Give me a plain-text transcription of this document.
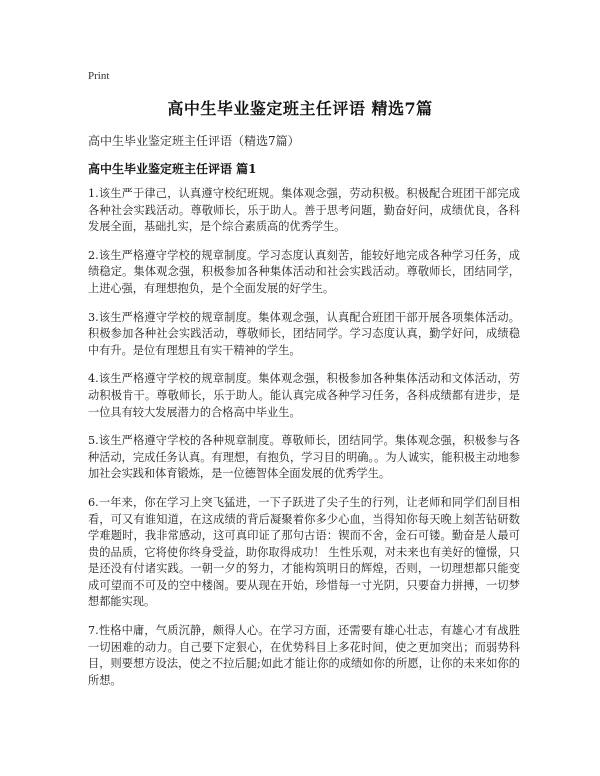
Print
高中生毕业鉴定班主任评语 精选7篇
高中生毕业鉴定班主任评语（精选7篇）
高中生毕业鉴定班主任评语 篇1

1.该生严于律己，认真遵守校纪班规。集体观念强，劳动积极。积极配合班团干部完成各种社会实践活动。尊敬师长，乐于助人。善于思考问题，勤奋好问，成绩优良，各科发展全面，基础扎实，是个综合素质高的优秀学生。

2.该生严格遵守学校的规章制度。学习态度认真刻苦，能较好地完成各种学习任务，成绩稳定。集体观念强，积极参加各种集体活动和社会实践活动。尊敬师长，团结同学，上进心强，有理想抱负，是个全面发展的好学生。

3.该生严格遵守学校的规章制度。集体观念强，认真配合班团干部开展各项集体活动。积极参加各种社会实践活动，尊敬师长，团结同学。学习态度认真，勤学好问，成绩稳中有升。是位有理想且有实干精神的学生。

4.该生严格遵守学校的规章制度。集体观念强，积极参加各种集体活动和文体活动，劳动积极肯干。尊敬师长，乐于助人。能认真完成各种学习任务，各科成绩都有进步，是一位具有较大发展潜力的合格高中毕业生。

5.该生严格遵守学校的各种规章制度。尊敬师长，团结同学。集体观念强，积极参与各种活动，完成任务认真。有理想，有抱负，学习目的明确。。为人诚实，能积极主动地参加社会实践和体育锻炼，是一位德智体全面发展的优秀学生。

6.一年来，你在学习上突飞猛进，一下子跃进了尖子生的行列，让老师和同学们刮目相看，可又有谁知道，在这成绩的背后凝聚着你多少心血，当得知你每天晚上刻苦钻研数学难题时，我非常感动，这可真印证了那句古语：锲而不舍，金石可镂。勤奋是人最可贵的品质，它将使你终身受益，助你取得成功！ 生性乐观，对未来也有美好的憧憬，只是还没有付诸实践。一朝一夕的努力，才能构筑明日的辉煌，否则，一切理想都只能变成可望而不可及的空中楼阁。要从现在开始，珍惜每一寸光阴，只要奋力拼搏，一切梦想都能实现。

7.性格中庸，气质沉静，颇得人心。在学习方面，还需要有雄心壮志，有雄心才有战胜一切困难的动力。自己要下定狠心，在优势科目上多花时间，使之更加突出；而弱势科目，则要想方设法，使之不拉后腿;如此才能让你的成绩如你的所愿，让你的未来如你的所想。
